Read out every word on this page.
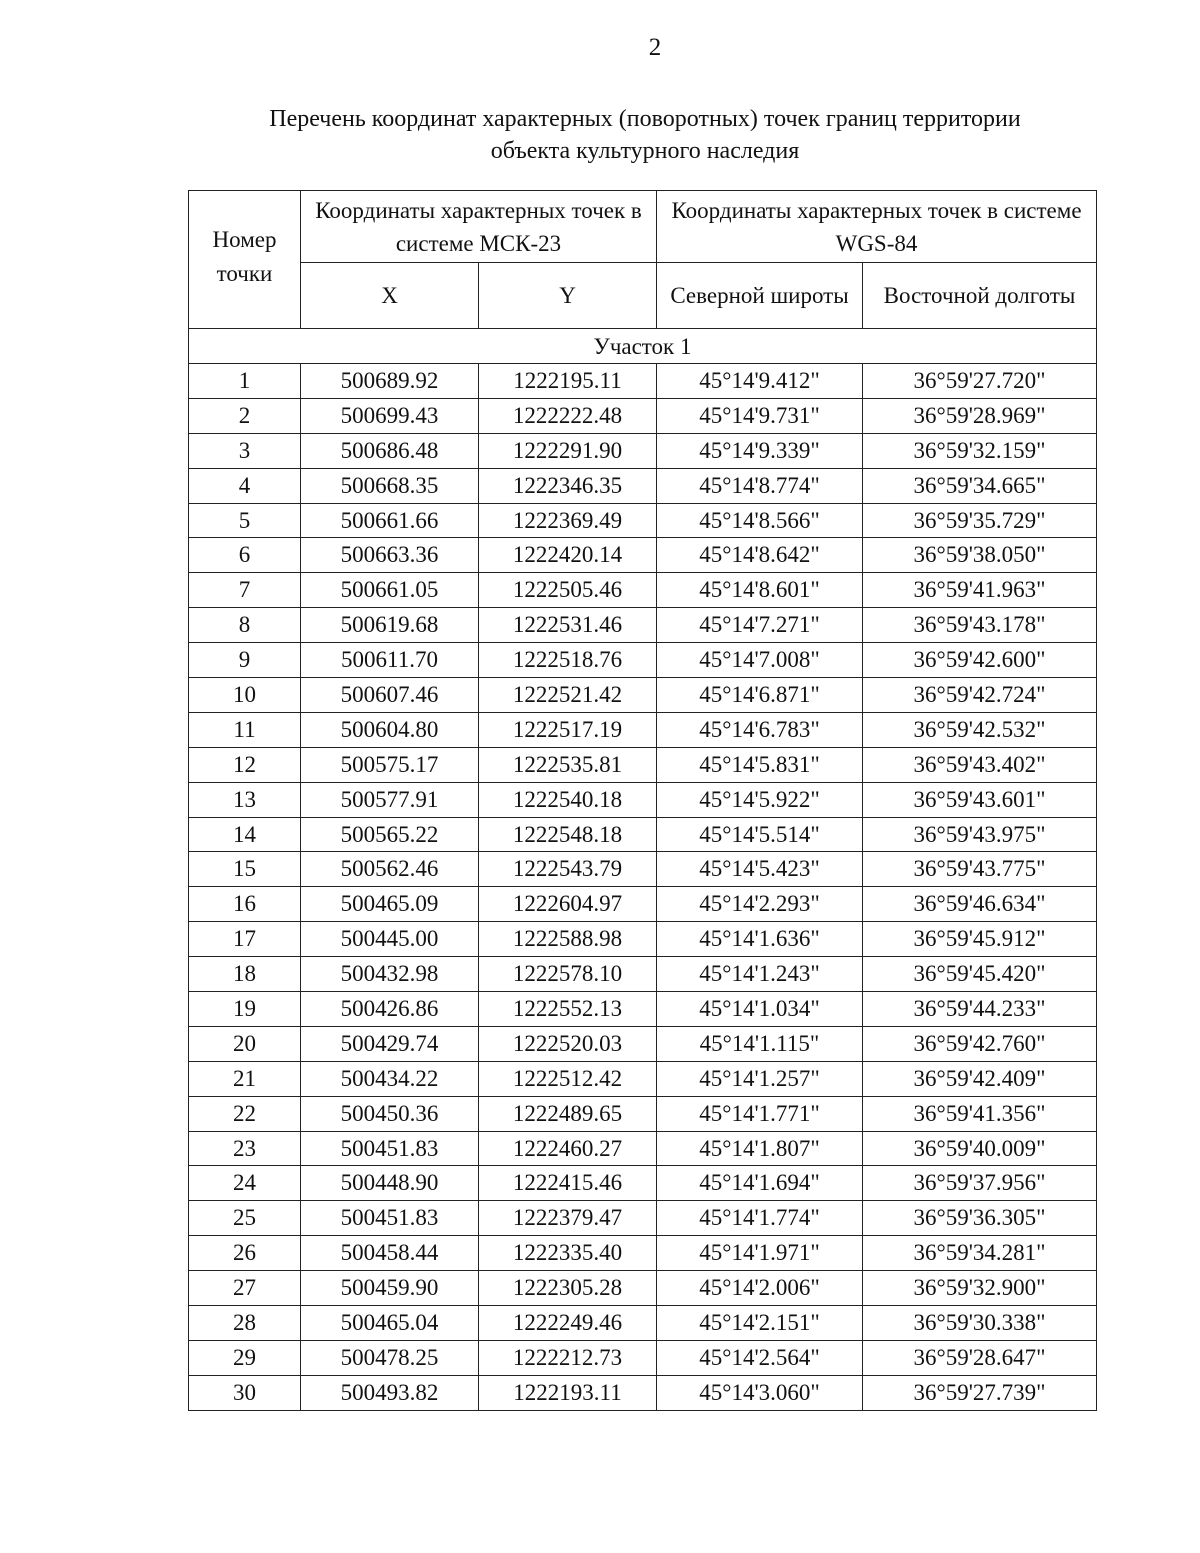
2
Перечень координат характерных (поворотных) точек границ территории
объекта культурного наследия
Номер точки	Координаты характерных точек в системе МСК-23		Координаты характерных точек в системе WGS-84	
	X	Y	Северной широты	Восточной долготы
Участок 1				
1	500689.92	1222195.11	45°14'9.412"	36°59'27.720"
2	500699.43	1222222.48	45°14'9.731"	36°59'28.969"
3	500686.48	1222291.90	45°14'9.339"	36°59'32.159"
4	500668.35	1222346.35	45°14'8.774"	36°59'34.665"
5	500661.66	1222369.49	45°14'8.566"	36°59'35.729"
6	500663.36	1222420.14	45°14'8.642"	36°59'38.050"
7	500661.05	1222505.46	45°14'8.601"	36°59'41.963"
8	500619.68	1222531.46	45°14'7.271"	36°59'43.178"
9	500611.70	1222518.76	45°14'7.008"	36°59'42.600"
10	500607.46	1222521.42	45°14'6.871"	36°59'42.724"
11	500604.80	1222517.19	45°14'6.783"	36°59'42.532"
12	500575.17	1222535.81	45°14'5.831"	36°59'43.402"
13	500577.91	1222540.18	45°14'5.922"	36°59'43.601"
14	500565.22	1222548.18	45°14'5.514"	36°59'43.975"
15	500562.46	1222543.79	45°14'5.423"	36°59'43.775"
16	500465.09	1222604.97	45°14'2.293"	36°59'46.634"
17	500445.00	1222588.98	45°14'1.636"	36°59'45.912"
18	500432.98	1222578.10	45°14'1.243"	36°59'45.420"
19	500426.86	1222552.13	45°14'1.034"	36°59'44.233"
20	500429.74	1222520.03	45°14'1.115"	36°59'42.760"
21	500434.22	1222512.42	45°14'1.257"	36°59'42.409"
22	500450.36	1222489.65	45°14'1.771"	36°59'41.356"
23	500451.83	1222460.27	45°14'1.807"	36°59'40.009"
24	500448.90	1222415.46	45°14'1.694"	36°59'37.956"
25	500451.83	1222379.47	45°14'1.774"	36°59'36.305"
26	500458.44	1222335.40	45°14'1.971"	36°59'34.281"
27	500459.90	1222305.28	45°14'2.006"	36°59'32.900"
28	500465.04	1222249.46	45°14'2.151"	36°59'30.338"
29	500478.25	1222212.73	45°14'2.564"	36°59'28.647"
30	500493.82	1222193.11	45°14'3.060"	36°59'27.739"
